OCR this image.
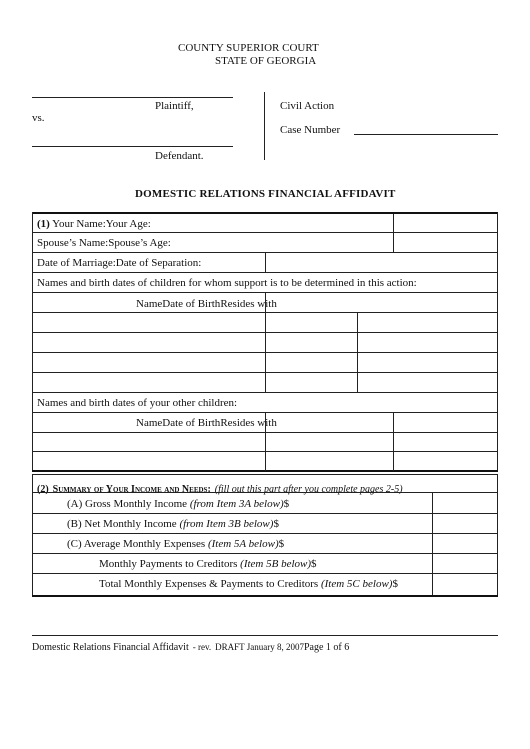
COUNTY SUPERIOR COURT
STATE OF GEORGIA
Plaintiff,
vs.
Defendant.
Civil Action
Case Number
DOMESTIC RELATIONS FINANCIAL AFFIDAVIT
(1) Your Name:Your Age:
Spouse’s Name:Spouse’s Age:
Date of Marriage:Date of Separation:
Names and birth dates of children for whom support is to be determined in this action:
NameDate of BirthResides with
Names and birth dates of your other children:
NameDate of BirthResides with
(2) Summary of Your Income and Needs: (fill out this part after you complete pages 2-5)
(A) Gross Monthly Income (from Item 3A below)$
(B) Net Monthly Income (from Item 3B below)$
(C) Average Monthly Expenses (Item 5A below)$
Monthly Payments to Creditors (Item 5B below)$
Total Monthly Expenses & Payments to Creditors (Item 5C below)$
Domestic Relations Financial Affidavit - rev. DRAFT January 8, 2007Page 1 of 6
